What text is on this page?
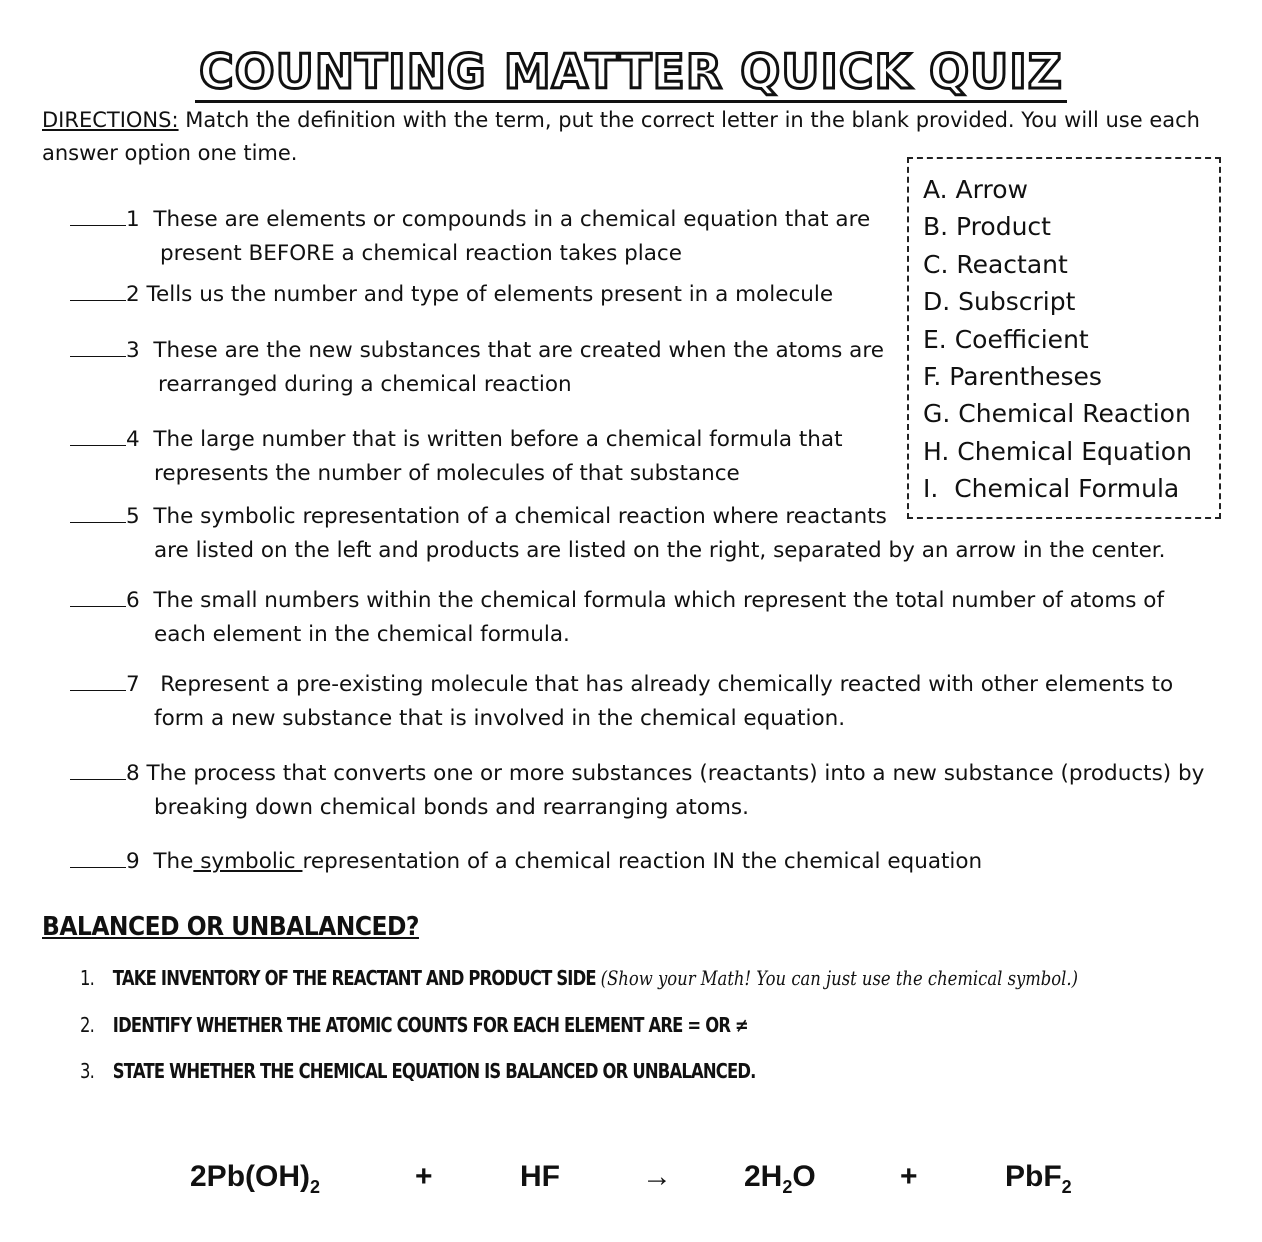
COUNTING MATTER QUICK QUIZ
DIRECTIONS: Match the definition with the term, put the correct letter in the blank provided. You will use each answer option one time.
A. Arrow
B. Product
C. Reactant
D. Subscript
E. Coefficient
F. Parentheses
G. Chemical Reaction
H. Chemical Equation
I.  Chemical Formula
1 These are elements or compounds in a chemical equation that are
present BEFORE a chemical reaction takes place
2 Tells us the number and type of elements present in a molecule
3 These are the new substances that are created when the atoms are
rearranged during a chemical reaction
4 The large number that is written before a chemical formula that
represents the number of molecules of that substance
5 The symbolic representation of a chemical reaction where reactants
are listed on the left and products are listed on the right, separated by an arrow in the center.
6 The small numbers within the chemical formula which represent the total number of atoms of
each element in the chemical formula.
7 Represent a pre-existing molecule that has already chemically reacted with other elements to
form a new substance that is involved in the chemical equation.
8 The process that converts one or more substances (reactants) into a new substance (products) by
breaking down chemical bonds and rearranging atoms.
9 The symbolic representation of a chemical reaction IN the chemical equation
BALANCED OR UNBALANCED?
1. TAKE INVENTORY OF THE REACTANT AND PRODUCT SIDE (Show your Math! You can just use the chemical symbol.)
2. IDENTIFY WHETHER THE ATOMIC COUNTS FOR EACH ELEMENT ARE = OR ≠
3. STATE WHETHER THE CHEMICAL EQUATION IS BALANCED OR UNBALANCED.
$2Pb(OH)_2$	+	HF	→ $2H_2O$	+	PbF$_2$
